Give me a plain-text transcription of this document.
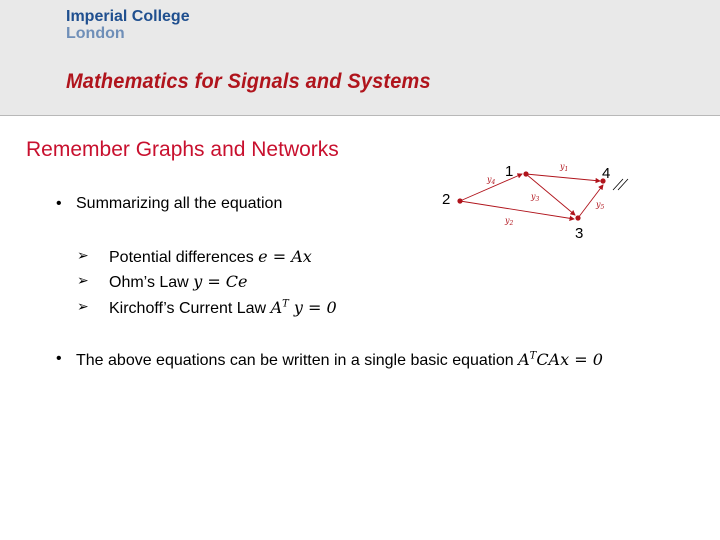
Imperial College
London
Mathematics for Signals and Systems
Remember Graphs and Networks
• Summarizing all the equation
➢ Potential differences e = Ax
➢ Ohm’s Law y = Ce
➢ Kirchoff’s Current Law $A^T$ y = 0
• The above equations can be written in a single basic equation $A^TCAx = 0$
1
2
3
4
$y_1$
$y_2$
$y_3$
$y_4$
$y_5$
